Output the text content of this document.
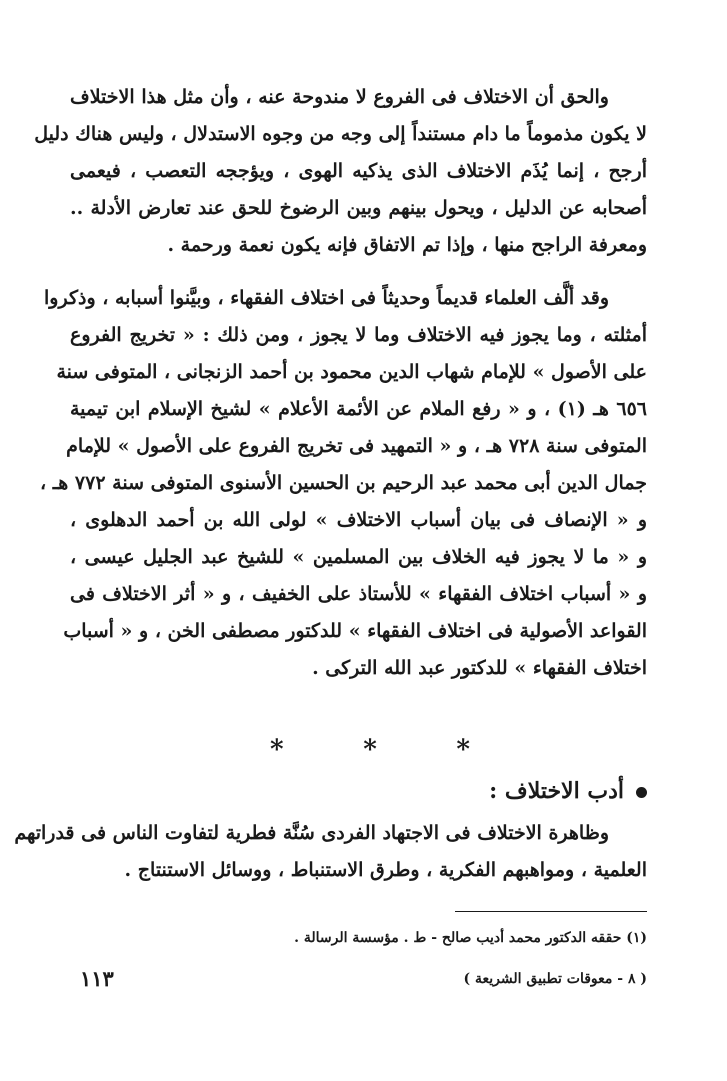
والحق أن الاختلاف فى الفروع لا مندوحة عنه ، وأن مثل هذا الاختلاف
لا يكون مذموماً ما دام مستنداً إلى وجه من وجوه الاستدلال ، وليس هناك دليل
أرجح ، إنما يُذَم الاختلاف الذى يذكيه الهوى ، ويؤججه التعصب ، فيعمى
أصحابه عن الدليل ، ويحول بينهم وبين الرضوخ للحق عند تعارض الأدلة ..
ومعرفة الراجح منها ، وإذا تم الاتفاق فإنه يكون نعمة ورحمة .
وقد ألَّف العلماء قديماً وحديثاً فى اختلاف الفقهاء ، وبيَّنوا أسبابه ، وذكروا
أمثلته ، وما يجوز فيه الاختلاف وما لا يجوز ، ومن ذلك : « تخريج الفروع
على الأصول » للإمام شهاب الدين محمود بن أحمد الزنجانى ، المتوفى سنة
٦٥٦ هـ (١) ، و « رفع الملام عن الأئمة الأعلام » لشيخ الإسلام ابن تيمية
المتوفى سنة ٧٢٨ هـ ، و « التمهيد فى تخريج الفروع على الأصول » للإمام
جمال الدين أبى محمد عبد الرحيم بن الحسين الأسنوى المتوفى سنة ٧٧٢ هـ ،
و « الإنصاف فى بيان أسباب الاختلاف » لولى الله بن أحمد الدهلوى ،
و « ما لا يجوز فيه الخلاف بين المسلمين » للشيخ عبد الجليل عيسى ،
و « أسباب اختلاف الفقهاء » للأستاذ على الخفيف ، و « أثر الاختلاف فى
القواعد الأصولية فى اختلاف الفقهاء » للدكتور مصطفى الخن ، و « أسباب
اختلاف الفقهاء » للدكتور عبد الله التركى .
*	*	*
أدب الاختلاف :
وظاهرة الاختلاف فى الاجتهاد الفردى سُنَّة فطرية لتفاوت الناس فى قدراتهم
العلمية ، ومواهبهم الفكرية ، وطرق الاستنباط ، ووسائل الاستنتاج .
(١) حققه الدكتور محمد أديب صالح - ط . مؤسسة الرسالة .
١١٣	( ٨ - معوقات تطبيق الشريعة )
